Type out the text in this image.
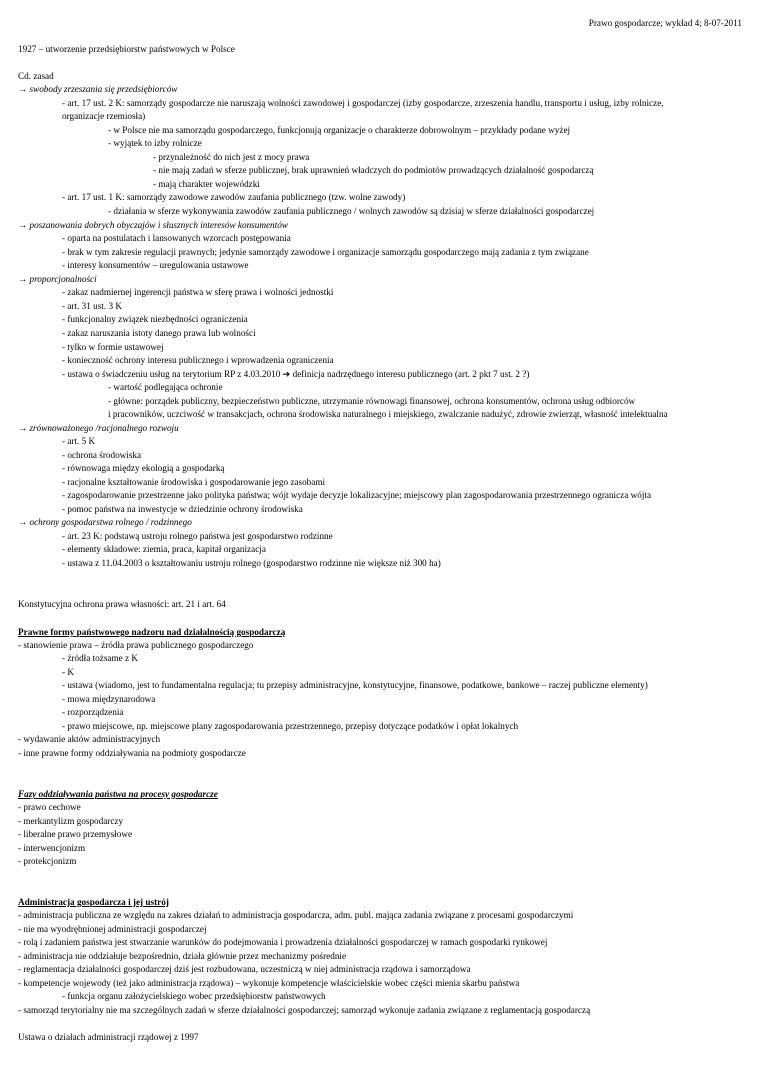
Prawo gospodarcze; wykład 4; 8-07-2011
1927 – utworzenie przedsiębiorstw państwowych w Polsce
Cd. zasad
→ swobody zrzeszania się przedsiębiorców
- art. 17 ust. 2 K: samorządy gospodarcze nie naruszają wolności zawodowej i gospodarczej (izby gospodarcze, zrzeszenia handlu, transportu i usług, izby rolnicze,
organizacje rzemiosła)
- w Polsce nie ma samorządu gospodarczego, funkcjonują organizacje o charakterze dobrowolnym – przykłady podane wyżej
- wyjątek to izby rolnicze
- przynależność do nich jest z mocy prawa
- nie mają zadań w sferze publicznej, brak uprawnień władczych do podmiotów prowadzących działalność gospodarczą
- mają charakter wojewódzki
- art. 17 ust. 1 K: samorządy zawodowe zawodów zaufania publicznego (tzw. wolne zawody)
- działania w sferze wykonywania zawodów zaufania publicznego / wolnych zawodów są dzisiaj w sferze działalności gospodarczej
→ poszanowania dobrych obyczajów i słusznych interesów konsumentów
- oparta na postulatach i lansowanych wzorcach postępowania
- brak w tym zakresie regulacji prawnych; jedynie samorządy zawodowe i organizacje samorządu gospodarczego mają zadania z tym związane
- interesy konsumentów – uregulowania ustawowe
→ proporcjonalności
- zakaz nadmiernej ingerencji państwa w sferę prawa i wolności jednostki
- art. 31 ust. 3 K
- funkcjonalny związek niezbędności ograniczenia
- zakaz naruszania istoty danego prawa lub wolności
- tylko w formie ustawowej
- konieczność ochrony interesu publicznego i wprowadzenia ograniczenia
- ustawa o świadczeniu usług na terytorium RP z 4.03.2010 ➔ definicja nadrzędnego interesu publicznego (art. 2 pkt 7 ust. 2 ?)
- wartość podlegająca ochronie
- główne: porządek publiczny, bezpieczeństwo publiczne, utrzymanie równowagi finansowej, ochrona konsumentów, ochrona usług odbiorców
i pracowników, uczciwość w transakcjach, ochrona środowiska naturalnego i miejskiego, zwalczanie nadużyć, zdrowie zwierząt, własność intelektualna
→ zrównoważonego /racjonalnego rozwoju
- art. 5 K
- ochrona środowiska
- równowaga między ekologią a gospodarką
- racjonalne kształtowanie środowiska i gospodarowanie jego zasobami
- zagospodarowanie przestrzenne jako polityka państwa; wójt wydaje decyzje lokalizacyjne; miejscowy plan zagospodarowania przestrzennego ogranicza wójta
- pomoc państwa na inwestycje w dziedzinie ochrony środowiska
→ ochrony gospodarstwa rolnego / rodzinnego
- art. 23 K: podstawą ustroju rolnego państwa jest gospodarstwo rodzinne
- elementy składowe: ziemia, praca, kapitał organizacja
- ustawa z 11.04.2003 o kształtowaniu ustroju rolnego (gospodarstwo rodzinne nie większe niż 300 ha)
Konstytucyjna ochrona prawa własności: art. 21 i art. 64
Prawne formy państwowego nadzoru nad działalnością gospodarczą
- stanowienie prawa – źródła prawa publicznego gospodarczego
- źródła tożsame z K
- K
- ustawa (wiadomo, jest to fundamentalna regulacja; tu przepisy administracyjne, konstytucyjne, finansowe, podatkowe, bankowe – raczej publiczne elementy)
- mowa międzynarodowa
- rozporządzenia
- prawo miejscowe, np. miejscowe plany zagospodarowania przestrzennego, przepisy dotyczące podatków i opłat lokalnych
- wydawanie aktów administracyjnych
- inne prawne formy oddziaływania na podmioty gospodarcze
Fazy oddziaływania państwa na procesy gospodarcze
- prawo cechowe
- merkantylizm gospodarczy
- liberalne prawo przemysłowe
- interwencjonizm
- protekcjonizm
Administracja gospodarcza i jej ustrój
- administracja publiczna ze względu na zakres działań to administracja gospodarcza, adm. publ. mająca zadania związane z procesami gospodarczymi
- nie ma wyodrębnionej administracji gospodarczej
- rolą i zadaniem państwa jest stwarzanie warunków do podejmowania i prowadzenia działalności gospodarczej w ramach gospodarki rynkowej
- administracja nie oddziałuje bezpośrednio, działa głównie przez mechanizmy pośrednie
- reglamentacja działalności gospodarczej dziś jest rozbudowana, uczestniczą w niej administracja rządowa i samorządowa
- kompetencje wojewody (też jako administracja rządowa) – wykonuje kompetencje właścicielskie wobec części mienia skarbu państwa
- funkcja organu założycielskiego wobec przedsiębiorstw państwowych
- samorząd terytorialny nie ma szczególnych zadań w sferze działalności gospodarczej; samorząd wykonuje zadania związane z reglamentacją gospodarczą
Ustawa o działach administracji rządowej z 1997
